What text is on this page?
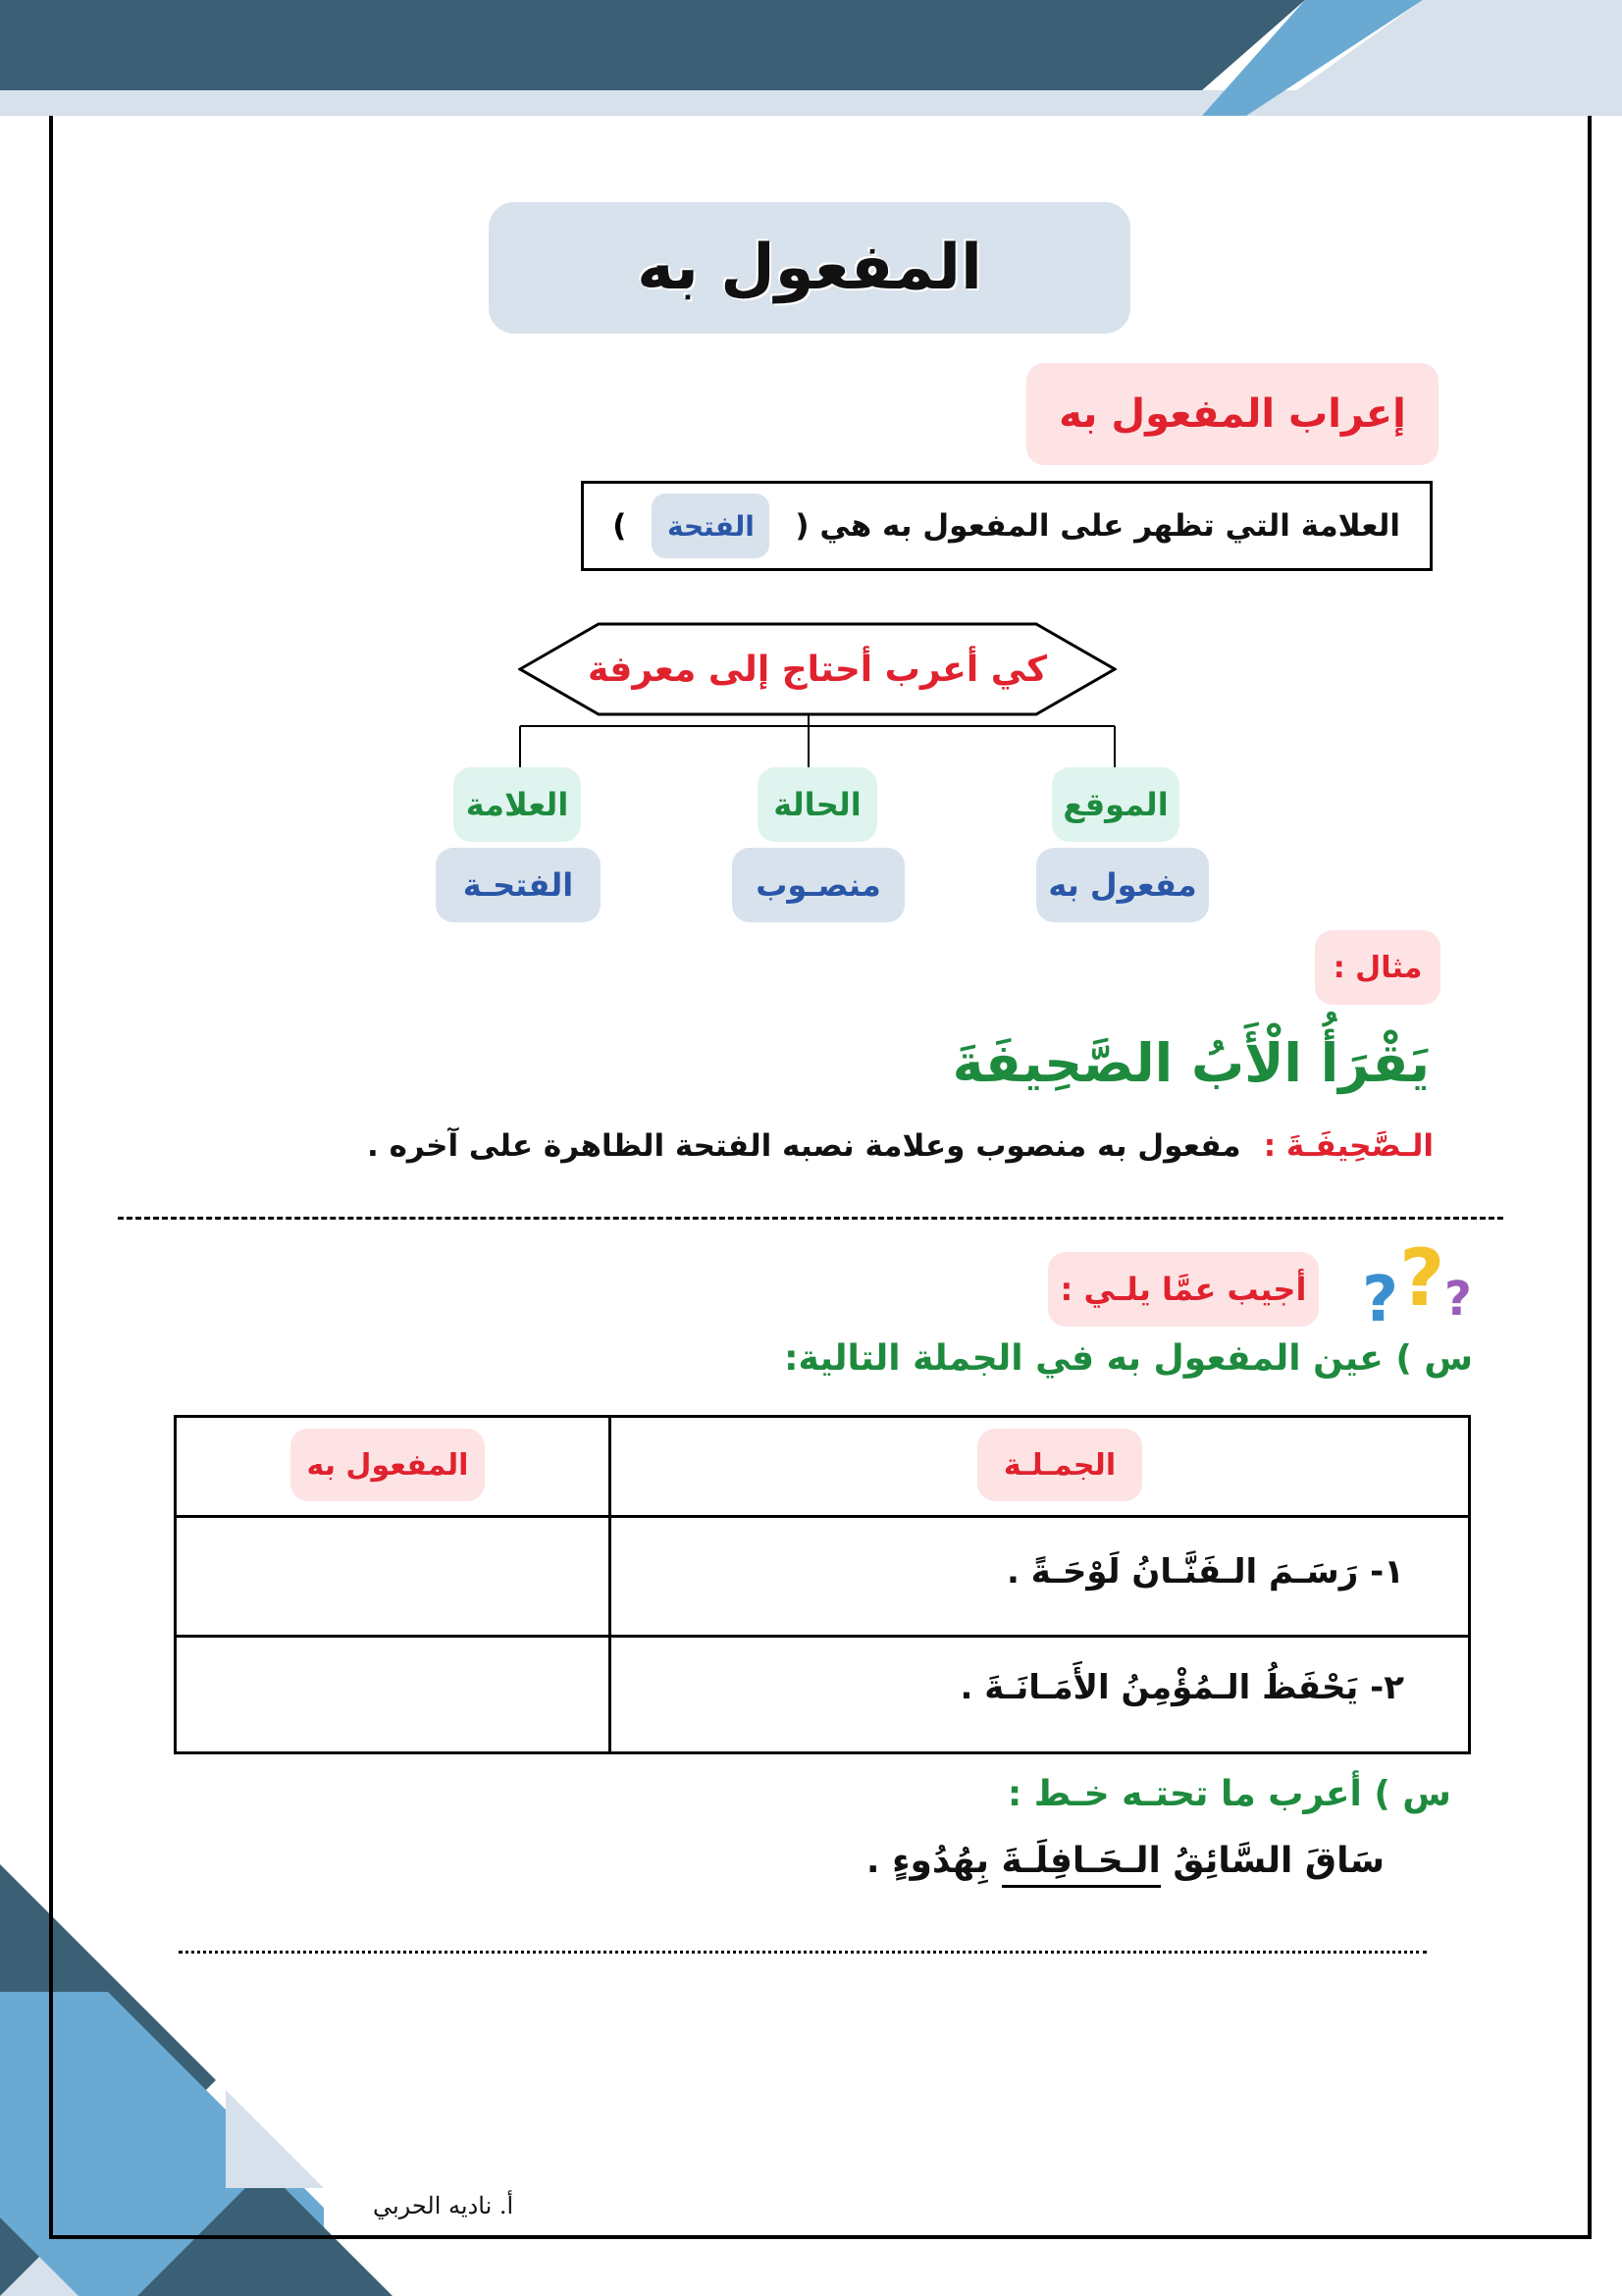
المفعول به
إعراب المفعول به
العلامة التي تظهر على المفعول به هي (
الفتحة
)
كي أعرب أحتاج إلى معرفة
الموقع
الحالة
العلامة
مفعول به
منصـوب
الفتحـة
مثال :
يَقْرَأُ الْأَبُ الصَّحِيفَةَ
الـصَّحِيفَـةَ : مفعول به منصوب وعلامة نصبه الفتحة الظاهرة على آخره .
أجيب عمَّا يلـي : ? ? ?
س ) عين المفعول به في الجملة التالية:
الجمـلـة
المفعول به
١- رَسَـمَ الـفَنَّـانُ لَوْحَـةً .
٢- يَحْفَظُ الـمُؤْمِنُ الأَمَـانَـةَ .
س ) أعرب ما تحتـه خـط :
سَاقَ السَّائِقُ الـحَـافِلَـةَ بِهُدُوءٍ .
أ. ناديه الحربي
